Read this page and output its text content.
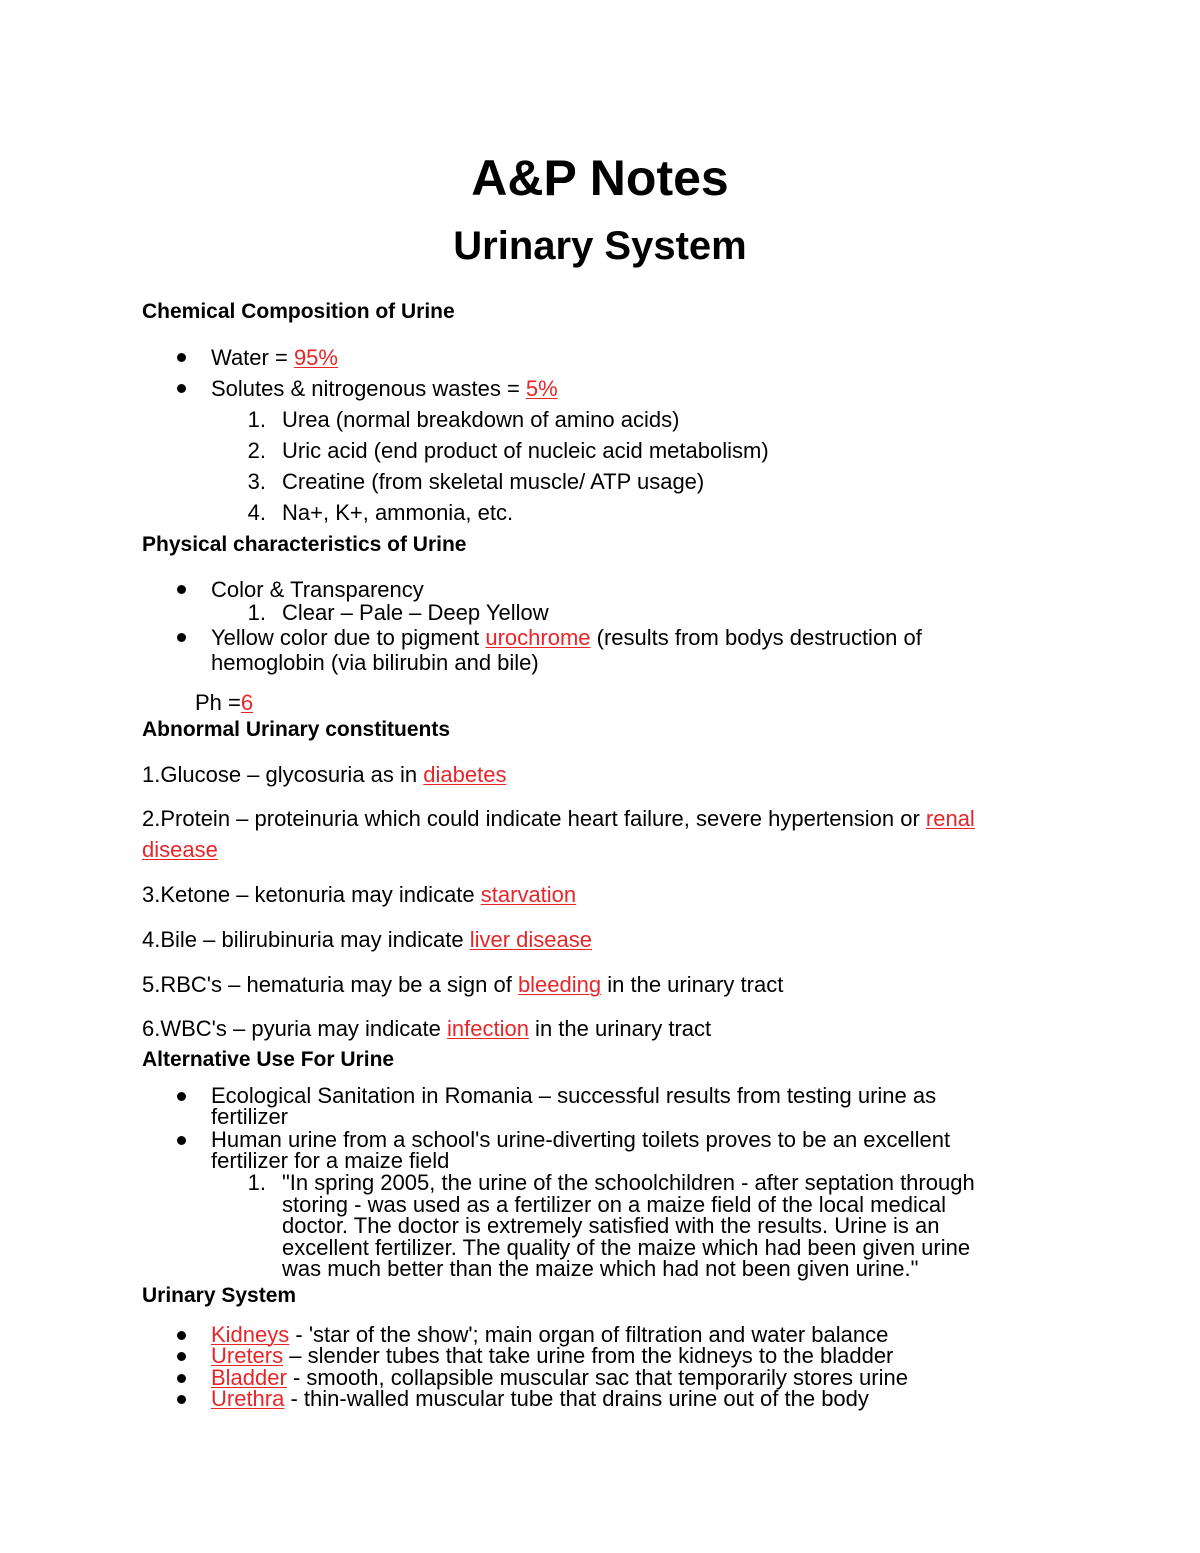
A&P Notes
Urinary System
Chemical Composition of Urine
Water = 95%
Solutes & nitrogenous wastes = 5%
1. Urea (normal breakdown of amino acids)
2. Uric acid (end product of nucleic acid metabolism)
3. Creatine (from skeletal muscle/ ATP usage)
4. Na+, K+, ammonia, etc.
Physical characteristics of Urine
Color & Transparency
1. Clear – Pale – Deep Yellow
Yellow color due to pigment urochrome (results from bodys destruction of
hemoglobin (via bilirubin and bile)
Ph =6
Abnormal Urinary constituents
1.Glucose – glycosuria as in diabetes
2.Protein – proteinuria which could indicate heart failure, severe hypertension or renal
disease
3.Ketone – ketonuria may indicate starvation
4.Bile – bilirubinuria may indicate liver disease
5.RBC's – hematuria may be a sign of bleeding in the urinary tract
6.WBC's – pyuria may indicate infection in the urinary tract
Alternative Use For Urine
Ecological Sanitation in Romania – successful results from testing urine as
fertilizer
Human urine from a school's urine-diverting toilets proves to be an excellent
fertilizer for a maize field
1. "In spring 2005, the urine of the schoolchildren - after septation through
storing - was used as a fertilizer on a maize field of the local medical
doctor. The doctor is extremely satisfied with the results. Urine is an
excellent fertilizer. The quality of the maize which had been given urine
was much better than the maize which had not been given urine."
Urinary System
Kidneys - 'star of the show'; main organ of filtration and water balance
Ureters – slender tubes that take urine from the kidneys to the bladder
Bladder - smooth, collapsible muscular sac that temporarily stores urine
Urethra - thin-walled muscular tube that drains urine out of the body
